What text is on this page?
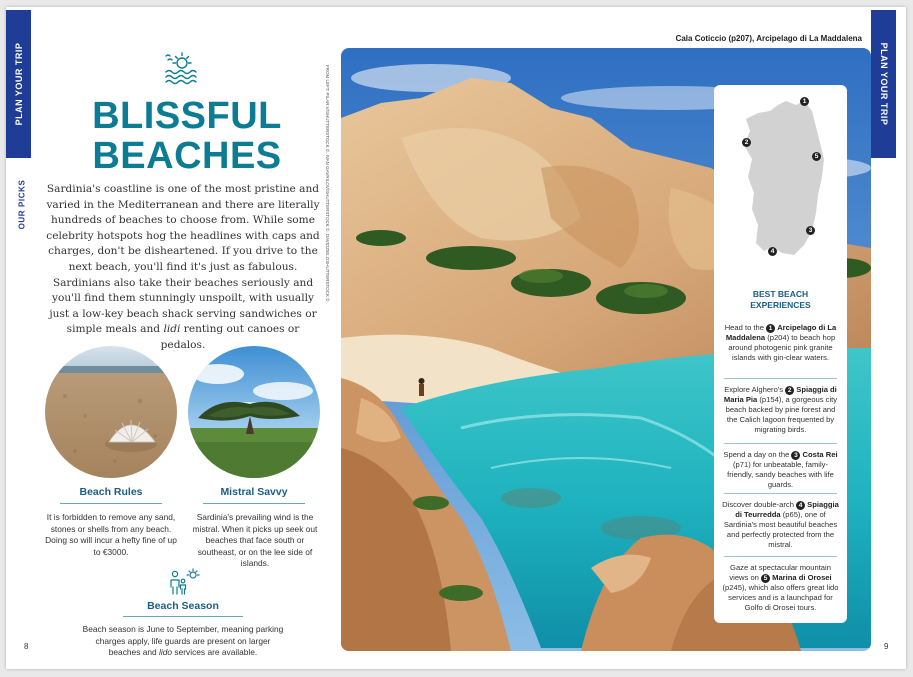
PLAN YOUR TRIP
OUR PICKS
PLAN YOUR TRIP
BLISSFUL
BEACHES
Sardinia's coastline is one of the most pristine and varied in the Mediterranean and there are literally hundreds of beaches to choose from. While some celebrity hotspots hog the headlines with caps and charges, don't be disheartened. If you drive to the next beach, you'll find it's just as fabulous. Sardinians also take their beaches seriously and you'll find them stunningly unspoilt, with usually just a low-key beach shack serving sandwiches or simple meals and lidi renting out canoes or pedalos.
Beach Rules
It is forbidden to remove any sand, stones or shells from any beach. Doing so will incur a hefty fine of up to €3000.
Mistral Savvy
Sardinia's prevailing wind is the mistral. When it picks up seek out beaches that face south or southeast, or on the lee side of islands.
Beach Season
Beach season is June to September, meaning parking charges apply, life guards are present on larger beaches and lido services are available.
8	9
Cala Coticcio (p207), Arcipelago di La Maddalena
FROM LEFT: PILAR.V/SHUTTERSTOCK ©, IVAN GAVRILOV/SHUTTERSTOCK ©, DAVIDZIELOSHUTTERSTOCK ©	1
2
3
4
5
BEST BEACH
EXPERIENCES
Head to the 1 Arcipelago di La Maddalena (p204) to beach hop around photogenic pink granite islands with gin-clear waters.
Explore Alghero's 2 Spiaggia di Maria Pia (p154), a gorgeous city beach backed by pine forest and the Calich lagoon frequented by migrating birds.
Spend a day on the 3 Costa Rei (p71) for unbeatable, family-friendly, sandy beaches with life guards.
Discover double-arch 4 Spiaggia di Teurredda (p65), one of Sardinia's most beautiful beaches and perfectly protected from the mistral.
Gaze at spectacular mountain views on 5 Marina di Orosei (p245), which also offers great lido services and is a launchpad for Golfo di Orosei tours.
